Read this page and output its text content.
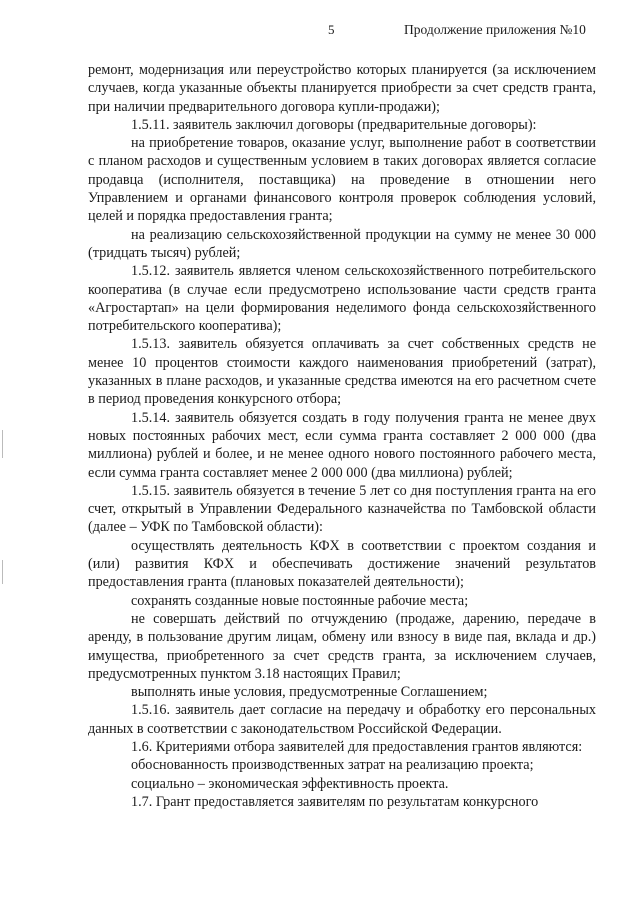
5	Продолжение приложения №10

ремонт, модернизация или переустройство которых планируется (за исключением случаев, когда указанные объекты планируется приобрести за счет средств гранта, при наличии предварительного договора купли-продажи);

1.5.11. заявитель заключил договоры (предварительные договоры):

на приобретение товаров, оказание услуг, выполнение работ в соответствии с планом расходов и существенным условием в таких договорах является согласие продавца (исполнителя, поставщика) на проведение в отношении него Управлением и органами финансового контроля проверок соблюдения условий, целей и порядка предоставления гранта;

на реализацию сельскохозяйственной продукции на сумму не менее 30 000 (тридцать тысяч) рублей;

1.5.12. заявитель является членом сельскохозяйственного потребительского кооператива (в случае если предусмотрено использование части средств гранта «Агростартап» на цели формирования неделимого фонда сельскохозяйственного потребительского кооператива);

1.5.13. заявитель обязуется оплачивать за счет собственных средств не менее 10 процентов стоимости каждого наименования приобретений (затрат), указанных в плане расходов, и указанные средства имеются на его расчетном счете в период проведения конкурсного отбора;

1.5.14. заявитель обязуется создать в году получения гранта не менее двух новых постоянных рабочих мест, если сумма гранта составляет 2 000 000 (два миллиона) рублей и более, и не менее одного нового постоянного рабочего места, если сумма гранта составляет менее 2 000 000 (два миллиона) рублей;

1.5.15. заявитель обязуется в течение 5 лет со дня поступления гранта на его счет, открытый в Управлении Федерального казначейства по Тамбовской области (далее – УФК по Тамбовской области):

осуществлять деятельность КФХ в соответствии с проектом создания и (или) развития КФХ и обеспечивать достижение значений результатов предоставления гранта (плановых показателей деятельности);

сохранять созданные новые постоянные рабочие места;

не совершать действий по отчуждению (продаже, дарению, передаче в аренду, в пользование другим лицам, обмену или взносу в виде пая, вклада и др.) имущества, приобретенного за счет средств гранта, за исключением случаев, предусмотренных пунктом 3.18 настоящих Правил;

выполнять иные условия, предусмотренные Соглашением;

1.5.16. заявитель дает согласие на передачу и обработку его персональных данных в соответствии с законодательством Российской Федерации.

1.6. Критериями отбора заявителей для предоставления грантов являются:

обоснованность производственных затрат на реализацию проекта;

социально – экономическая эффективность проекта.

1.7. Грант предоставляется заявителям по результатам конкурсного
